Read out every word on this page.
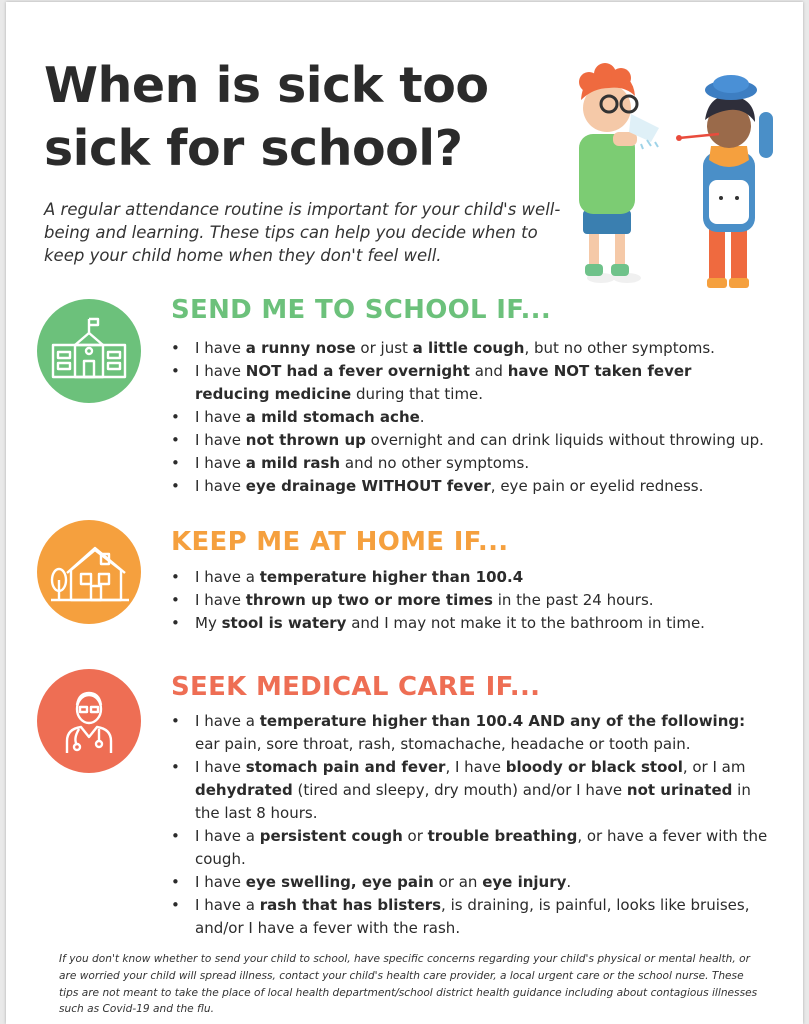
When is sick too sick for school?
A regular attendance routine is important for your child's well-being and learning. These tips can help you decide when to keep your child home when they don't feel well.
SEND ME TO SCHOOL IF...
• I have a runny nose or just a little cough, but no other symptoms.
• I have NOT had a fever overnight and have NOT taken fever reducing medicine during that time.
• I have a mild stomach ache.
• I have not thrown up overnight and can drink liquids without throwing up.
• I have a mild rash and no other symptoms.
• I have eye drainage WITHOUT fever, eye pain or eyelid redness.
KEEP ME AT HOME IF...
• I have a temperature higher than 100.4
• I have thrown up two or more times in the past 24 hours.
• My stool is watery and I may not make it to the bathroom in time.
SEEK MEDICAL CARE IF...
• I have a temperature higher than 100.4 AND any of the following: ear pain, sore throat, rash, stomachache, headache or tooth pain.
• I have stomach pain and fever, I have bloody or black stool, or I am dehydrated (tired and sleepy, dry mouth) and/or I have not urinated in the last 8 hours.
• I have a persistent cough or trouble breathing, or have a fever with the cough.
• I have eye swelling, eye pain or an eye injury.
• I have a rash that has blisters, is draining, is painful, looks like bruises, and/or I have a fever with the rash.
If you don't know whether to send your child to school, have specific concerns regarding your child's physical or mental health, or are worried your child will spread illness, contact your child's health care provider, a local urgent care or the school nurse. These tips are not meant to take the place of local health department/school district health guidance including about contagious illnesses such as Covid-19 and the flu.
